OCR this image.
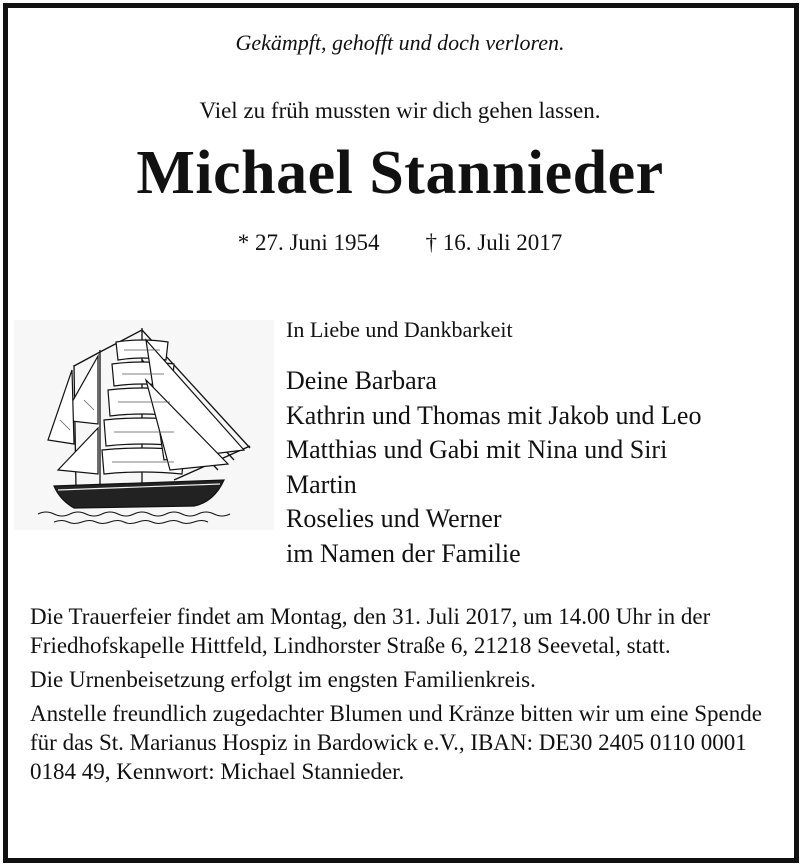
Gekämpft, gehofft und doch verloren.
Viel zu früh mussten wir dich gehen lassen.
Michael Stannieder
* 27. Juni 1954 † 16. Juli 2017
In Liebe und Dankbarkeit
Deine Barbara
Kathrin und Thomas mit Jakob und Leo
Matthias und Gabi mit Nina und Siri
Martin
Roselies und Werner
im Namen der Familie

Die Trauerfeier findet am Montag, den 31. Juli 2017, um 14.00 Uhr in der Friedhofskapelle Hittfeld, Lindhorster Straße 6, 21218 Seevetal, statt.

Die Urnenbeisetzung erfolgt im engsten Familienkreis.

Anstelle freundlich zugedachter Blumen und Kränze bitten wir um eine Spende für das St. Marianus Hospiz in Bardowick e.V., IBAN: DE30 2405 0110 0001 0184 49, Kennwort: Michael Stannieder.
